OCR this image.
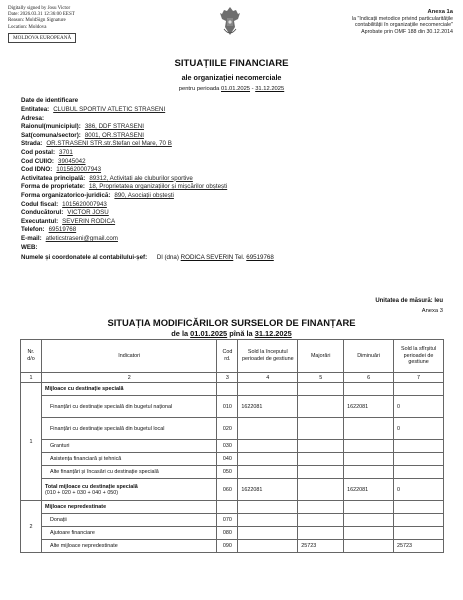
Digitally signed by Josu Victor
Date: 2026.03.31 12:36:00 EEST
Reason: MoldSign Signature
Location: Moldova
MOLDOVA EUROPEANĂ
Anexa 1a
la "Indicații metodice privind particularitățile
contabilității în organizațiile necomerciale"
Aprobate prin OMF 188 din 30.12.2014
SITUAȚIILE FINANCIARE
ale organizației necomerciale
pentru perioada 01.01.2025 - 31.12.2025
Date de identificare
Entitatea: CLUBUL SPORTIV ATLETIC STRASENI
Adresa:
Raionul(municipiul): 386, DDF STRASENI
Sat(comuna/sector): 8001, OR.STRASENI
Strada: OR.STRASENI STR.str.Stefan cel Mare, 70 B
Cod postal: 3701
Cod CUIIO: 39045042
Cod IDNO: 1015620007943
Activitatea principală: 89312, Activitati ale cluburilor sportive
Forma de proprietate: 18, Proprietatea organizațiilor și mișcărilor obștești
Forma organizatorico-juridică: 890, Asociații obștești
Codul fiscal: 1015620007943
Conducătorul: VICTOR JOSU
Executantul: SEVERIN RODICA
Telefon: 69519768
E-mail: atleticstraseni@gmail.com
WEB:
Numele și coordonatele al contabilului-șef: Dl (dna) RODICA SEVERIN Tel. 69519768
Unitatea de măsură: leu
Anexa 3
SITUAȚIA MODIFICĂRILOR SURSELOR DE FINANȚARE
de la 01.01.2025 pînă la 31.12.2025
Nr. d/o	Indicatori	Cod rd.	Sold la începutul perioadei de gestiune	Majorări	Diminuări	Sold la sfîrșitul perioadei de gestiune
1	2	3	4	5	6	7
1	Mijloace cu destinație specială					
	Finanțări cu destinație specială din bugetul național	010	1622081		1622081	0
	Finanțări cu destinație specială din bugetul local	020				0
	Granturi	030				
	Asistența financiară și tehnică	040				
	Alte finanțări și încasări cu destinație specială	050				

	Total mijloace cu destinație specială
(010 + 020 + 030 + 040 + 050)	060	1622081		1622081	0
2	Mijloace nepredestinate					
	Donații	070				
	Ajutoare financiare	080				
	Alte mijloace nepredestinate	090		25723		25723
